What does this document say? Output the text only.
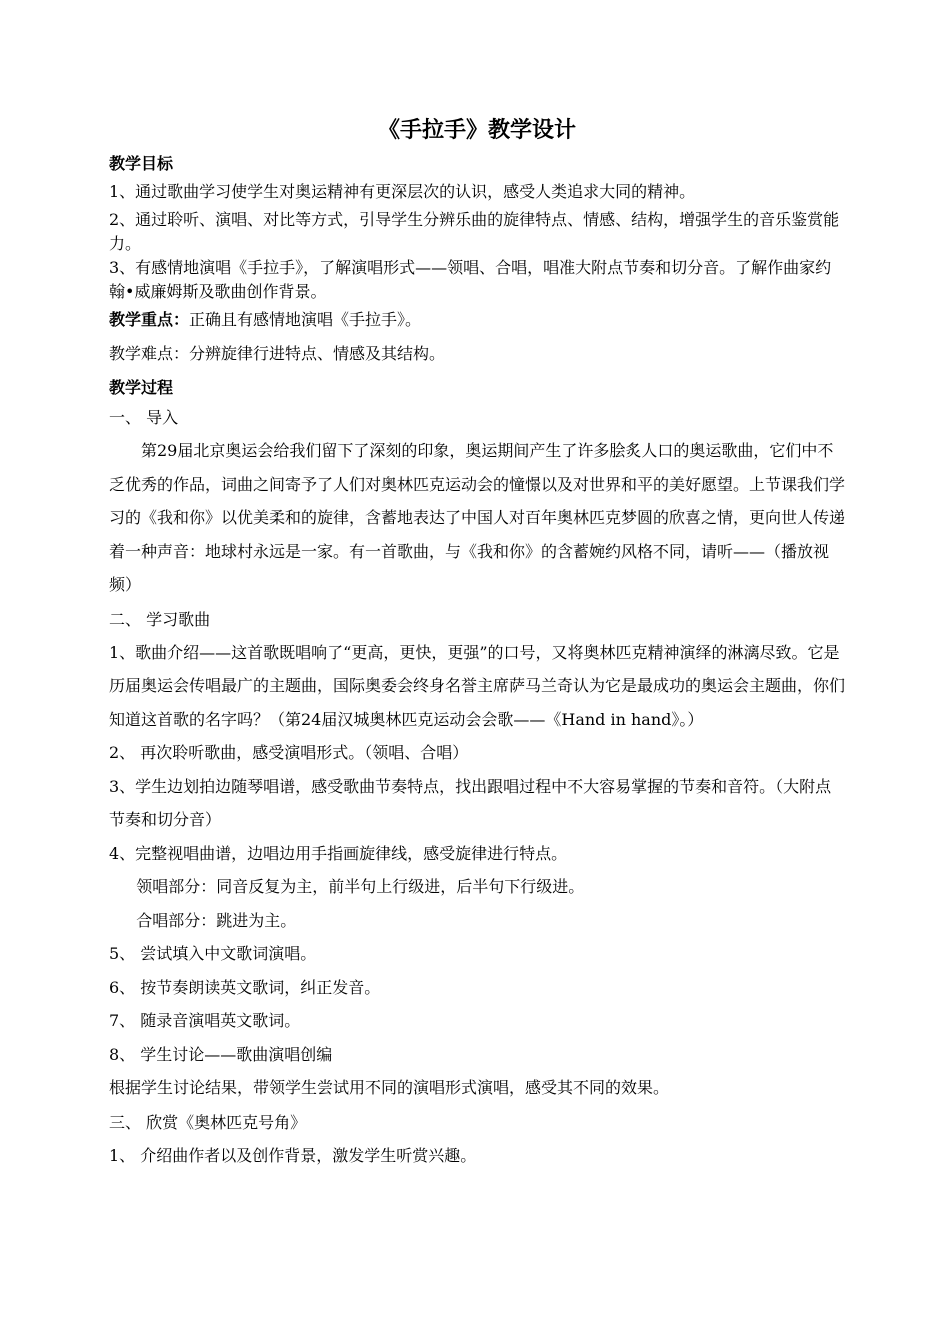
《手拉手》教学设计

教学目标

1、通过歌曲学习使学生对奥运精神有更深层次的认识，感受人类追求大同的精神。

2、通过聆听、演唱、对比等方式，引导学生分辨乐曲的旋律特点、情感、结构，增强学生的音乐鉴赏能力。

3、有感情地演唱《手拉手》，了解演唱形式——领唱、合唱，唱准大附点节奏和切分音。了解作曲家约翰•威廉姆斯及歌曲创作背景。

教学重点：正确且有感情地演唱《手拉手》。

教学难点：分辨旋律行进特点、情感及其结构。

教学过程

一、 导入

第29届北京奥运会给我们留下了深刻的印象，奥运期间产生了许多脍炙人口的奥运歌曲，它们中不乏优秀的作品，词曲之间寄予了人们对奥林匹克运动会的憧憬以及对世界和平的美好愿望。上节课我们学习的《我和你》以优美柔和的旋律，含蓄地表达了中国人对百年奥林匹克梦圆的欣喜之情，更向世人传递着一种声音：地球村永远是一家。有一首歌曲，与《我和你》的含蓄婉约风格不同，请听——（播放视频）

二、 学习歌曲

1、歌曲介绍——这首歌既唱响了“更高，更快，更强”的口号，又将奥林匹克精神演绎的淋漓尽致。它是历届奥运会传唱最广的主题曲，国际奥委会终身名誉主席萨马兰奇认为它是最成功的奥运会主题曲，你们知道这首歌的名字吗？（第24届汉城奥林匹克运动会会歌——《Hand in hand》。）

2、 再次聆听歌曲，感受演唱形式。（领唱、合唱）

3、学生边划拍边随琴唱谱，感受歌曲节奏特点，找出跟唱过程中不大容易掌握的节奏和音符。（大附点节奏和切分音）

4、完整视唱曲谱，边唱边用手指画旋律线，感受旋律进行特点。

领唱部分：同音反复为主，前半句上行级进，后半句下行级进。

合唱部分：跳进为主。

5、 尝试填入中文歌词演唱。

6、 按节奏朗读英文歌词，纠正发音。

7、 随录音演唱英文歌词。

8、 学生讨论——歌曲演唱创编

根据学生讨论结果，带领学生尝试用不同的演唱形式演唱，感受其不同的效果。

三、 欣赏《奥林匹克号角》

1、 介绍曲作者以及创作背景，激发学生听赏兴趣。
